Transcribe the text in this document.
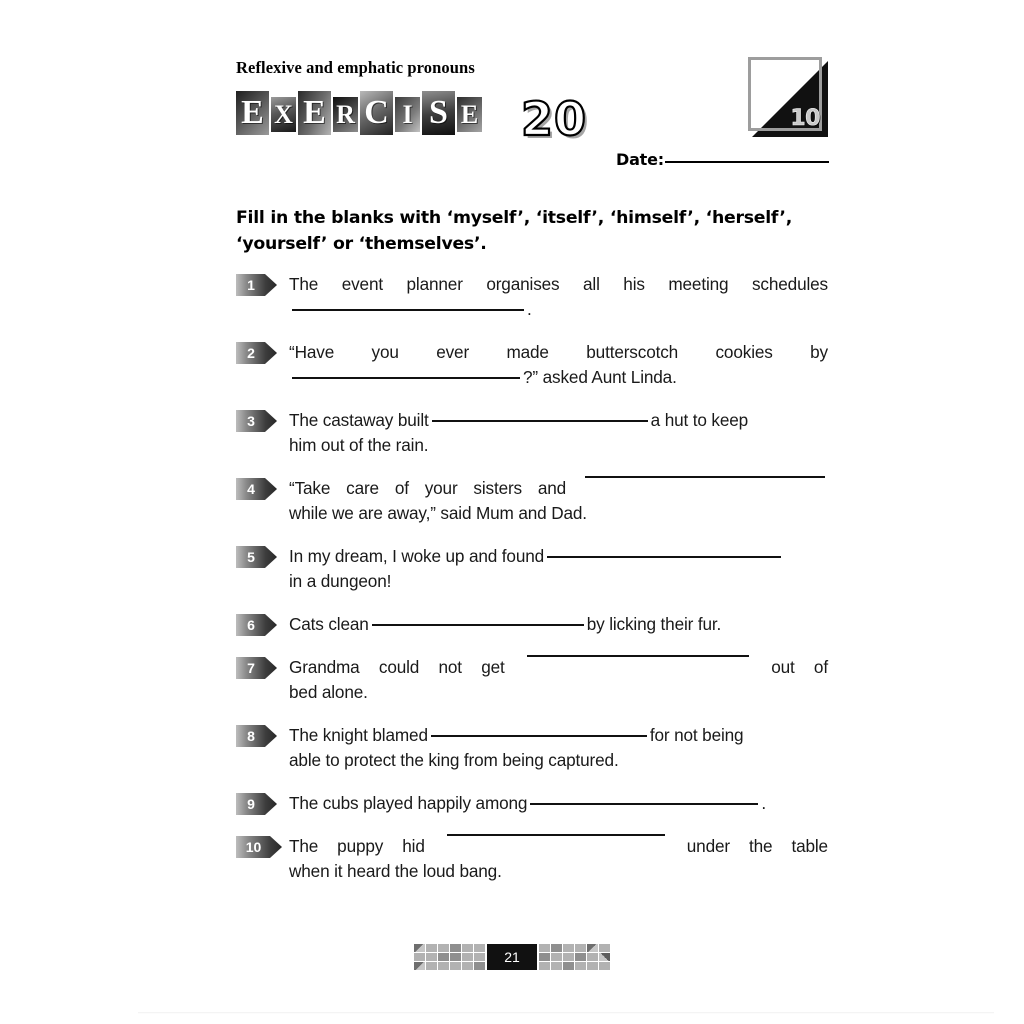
Reflexive and emphatic pronouns
E X E R C I S E 20	10
Date:
Fill in the blanks with ‘myself’, ‘itself’, ‘himself’, ‘herself’, ‘yourself’ or ‘themselves’.
1	The event planner organises all his meeting schedules
.
2	“Have you ever made butterscotch cookies by
?” asked Aunt Linda.
3	The castaway built	a hut to keep
him out of the rain.
4	“Take care of your sisters and
while we are away,” said Mum and Dad.
5	In my dream, I woke up and found
in a dungeon!
6	Cats clean	by licking their fur.
7	Grandma could not get	out of
bed alone.
8	The knight blamed	for not being
able to protect the king from being captured.
9	The cubs played happily among	.
10	The puppy hid	under the table
when it heard the loud bang.
21
